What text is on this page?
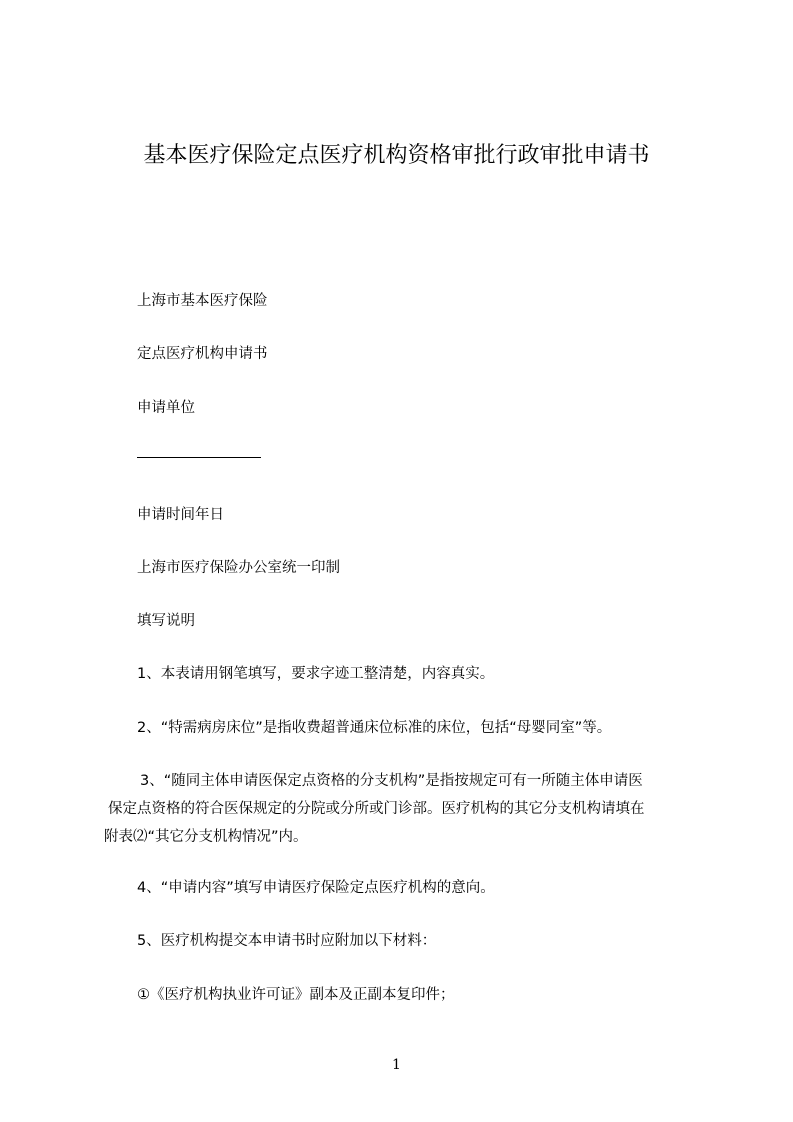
基本医疗保险定点医疗机构资格审批行政审批申请书
上海市基本医疗保险
定点医疗机构申请书
申请单位
申请时间年日
上海市医疗保险办公室统一印制
填写说明
1、本表请用钢笔填写，要求字迹工整清楚，内容真实。
2、“特需病房床位”是指收费超普通床位标准的床位，包括“母婴同室”等。
3、“随同主体申请医保定点资格的分支机构”是指按规定可有一所随主体申请医
保定点资格的符合医保规定的分院或分所或门诊部。医疗机构的其它分支机构请填在
附表⑵“其它分支机构情况”内。
4、“申请内容”填写申请医疗保险定点医疗机构的意向。
5、医疗机构提交本申请书时应附加以下材料：
①《医疗机构执业许可证》副本及正副本复印件；
1
